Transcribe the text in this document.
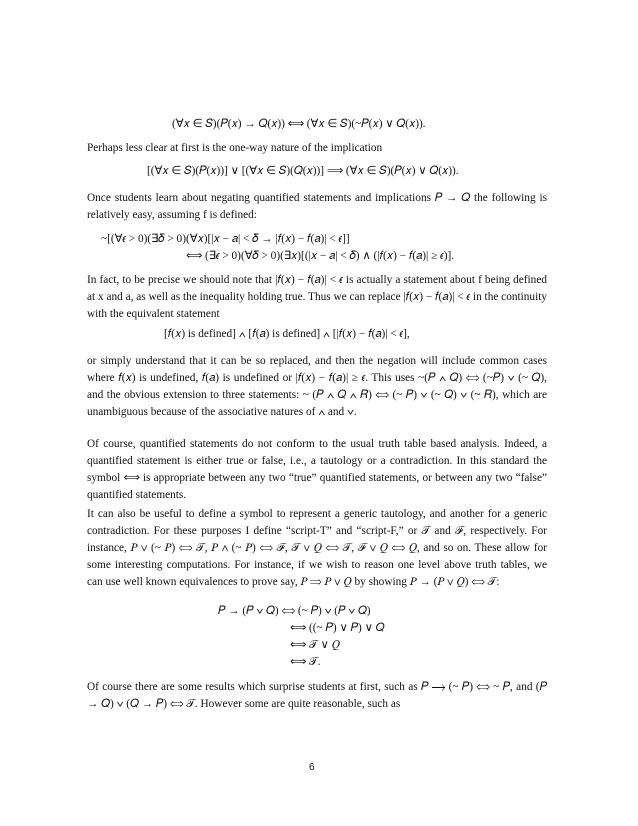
(∀𝑥 ∈ 𝑆)(𝑃(𝑥) → 𝑄(𝑥)) ⟺ (∀𝑥 ∈ 𝑆)(~𝑃(𝑥) ∨ 𝑄(𝑥)).
Perhaps less clear at first is the one-way nature of the implication
[(∀𝑥 ∈ 𝑆)(𝑃(𝑥))] ∨ [(∀𝑥 ∈ 𝑆)(𝑄(𝑥))] ⟹ (∀𝑥 ∈ 𝑆)(𝑃(𝑥) ∨ 𝑄(𝑥)).
Once students learn about negating quantified statements and implications 𝑃 → 𝑄 the following is relatively easy, assuming f is defined:
~[(∀𝜖 > 0)(∃𝛿 > 0)(∀𝑥)[|𝑥 − 𝑎| < 𝛿 → |𝑓(𝑥) − 𝑓(𝑎)| < 𝜖]]
⟺ (∃𝜖 > 0)(∀𝛿 > 0)(∃𝑥)[(|𝑥 − 𝑎| < 𝛿) ∧ (|𝑓(𝑥) − 𝑓(𝑎)| ≥ 𝜖)].
In fact, to be precise we should note that |𝑓(𝑥) − 𝑓(𝑎)| < 𝜖 is actually a statement about f being defined at x and a, as well as the inequality holding true. Thus we can replace |𝑓(𝑥) − 𝑓(𝑎)| < 𝜖 in the continuity with the equivalent statement
[𝑓(𝑥) is defined] ∧ [𝑓(𝑎) is defined] ∧ [|𝑓(𝑥) − 𝑓(𝑎)| < 𝜖],
or simply understand that it can be so replaced, and then the negation will include common cases where 𝑓(𝑥) is undefined, 𝑓(𝑎) is undefined or |𝑓(𝑥) − 𝑓(𝑎)| ≥ 𝜖. This uses ~(𝑃 ∧ 𝑄) ⟺ (~𝑃) ∨ (~ 𝑄), and the obvious extension to three statements: ~ (𝑃 ∧ 𝑄 ∧ 𝑅) ⟺ (~ 𝑃) ∨ (~ 𝑄) ∨ (~ 𝑅), which are unambiguous because of the associative natures of ∧ and ∨.
Of course, quantified statements do not conform to the usual truth table based analysis. Indeed, a quantified statement is either true or false, i.e., a tautology or a contradiction. In this standard the symbol ⟺ is appropriate between any two “true” quantified statements, or between any two “false” quantified statements.
It can also be useful to define a symbol to represent a generic tautology, and another for a generic contradiction. For these purposes I define “script-T” and “script-F,” or 𝒯 and ℱ, respectively. For instance, 𝑃 ∨ (~ 𝑃) ⟺ 𝒯, 𝑃 ∧ (~ 𝑃) ⟺ ℱ, 𝒯 ∨ 𝑄 ⟺ 𝒯, ℱ ∨ 𝑄 ⟺ 𝑄, and so on. These allow for some interesting computations. For instance, if we wish to reason one level above truth tables, we can use well known equivalences to prove say, 𝑃 ⟹ 𝑃 ∨ 𝑄 by showing 𝑃 → (𝑃 ∨ 𝑄) ⟺ 𝒯:
𝑃 → (𝑃 ∨ 𝑄) ⟺ (~ 𝑃) ∨ (𝑃 ∨ 𝑄)
⟺ ((~ 𝑃) ∨ 𝑃) ∨ 𝑄
⟺ 𝒯 ∨ 𝑄
⟺ 𝒯.
Of course there are some results which surprise students at first, such as 𝑃 ⟶ (~ 𝑃) ⟺ ~ 𝑃, and (𝑃 → 𝑄) ∨ (𝑄 → 𝑃) ⟺ 𝒯. However some are quite reasonable, such as
6
